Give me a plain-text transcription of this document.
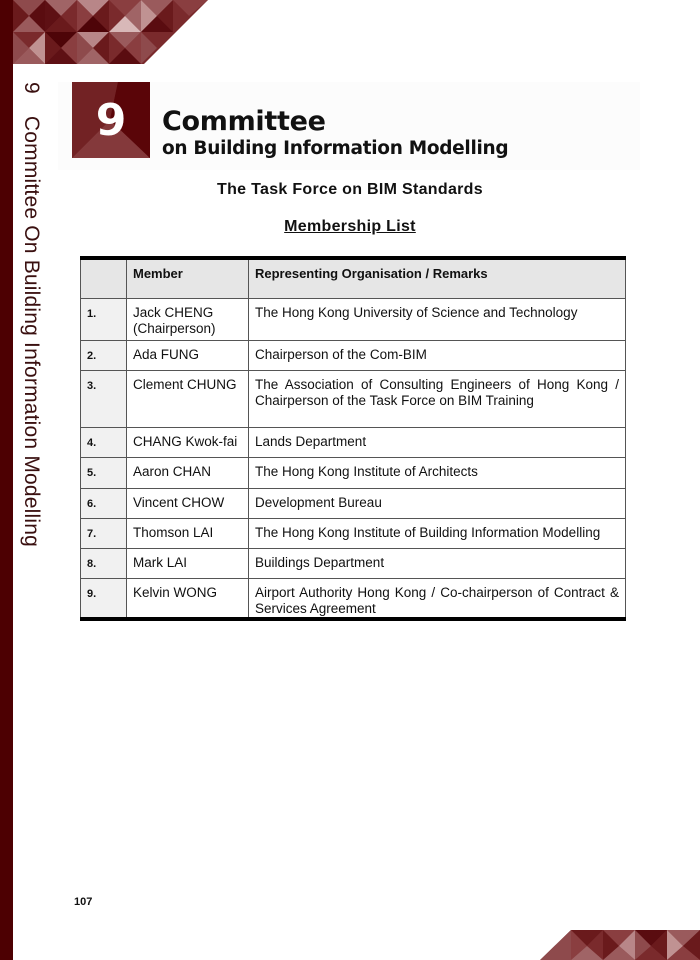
9Committee On Building Information Modelling	9	Committee
on Building Information Modelling
The Task Force on BIM Standards
Membership List
	Member	Representing Organisation / Remarks
1.	Jack CHENG (Chairperson)	The Hong Kong University of Science and Technology
2.	Ada FUNG	Chairperson of the Com-BIM
3.	Clement CHUNG	The Association of Consulting Engineers of Hong Kong / Chairperson of the Task Force on BIM Training
4.	CHANG Kwok-fai	Lands Department
5.	Aaron CHAN	The Hong Kong Institute of Architects
6.	Vincent CHOW	Development Bureau
7.	Thomson LAI	The Hong Kong Institute of Building Information Modelling
8.	Mark LAI	Buildings Department
9.	Kelvin WONG	Airport Authority Hong Kong / Co-chairperson of Contract & Services Agreement
107
